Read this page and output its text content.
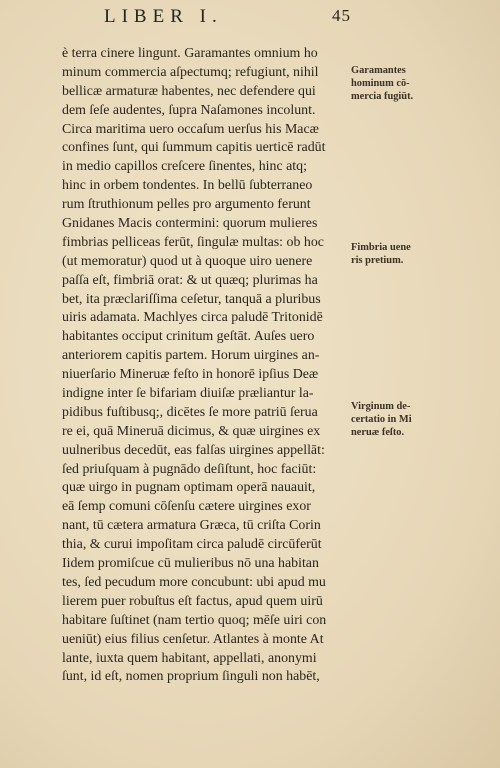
LIBER I.	45
è terra cinere lingunt. Garamantes omnium ho
minum commercia aſpectumq; refugiunt, nihil
bellicæ armaturæ habentes, nec defendere qui
dem ſeſe audentes, ſupra Naſamones incolunt.
Circa maritima uero occaſum uerſus his Macæ
confines ſunt, qui ſummum capitis uerticē radūt
in medio capillos creſcere ſinentes, hinc atq;
hinc in orbem tondentes. In bellū ſubterraneo
rum ſtruthionum pelles pro argumento ferunt
Gnidanes Macis contermini: quorum mulieres
fimbrias pelliceas ferūt, ſingulæ multas: ob hoc
(ut memoratur) quod ut à quoque uiro uenere
paſſa eſt, fimbriā orat: & ut quæq; plurimas ha
bet, ita præclariſſima ceſetur, tanquā a pluribus
uiris adamata. Machlyes circa paludē Tritonidē
habitantes occiput crinitum geſtāt. Auſes uero
anteriorem capitis partem. Horum uirgines an-
niuerſario Mineruæ feſto in honorē ipſius Deæ
indigne inter ſe bifariam diuiſæ præliantur la-
pidibus fuſtibusq;, dicētes ſe more patriū ſerua
re ei, quā Mineruā dicimus, & quæ uirgines ex
uulneribus decedūt, eas falſas uirgines appellāt:
ſed priuſquam à pugnādo deſiſtunt, hoc faciūt:
quæ uirgo in pugnam optimam operā nauauit,
eā ſemp comuni cōſenſu cætere uirgines exor
nant, tū cætera armatura Græca, tū criſta Corin
thia, & curui impoſitam circa paludē circūferūt
Iidem promiſcue cū mulieribus nō una habitan
tes, ſed pecudum more concubunt: ubi apud mu
lierem puer robuſtus eſt factus, apud quem uirū
habitare ſuſtinet (nam tertio quoq; mēſe uiri con
ueniūt) eius filius cenſetur. Atlantes à monte At
lante, iuxta quem habitant, appellati, anonymi
ſunt, id eſt, nomen proprium ſinguli non habēt,
Garamantes
hominum cō-
mercia fugiūt.
Fimbria uene
ris pretium.
Virginum de-
certatio in Mi
neruæ feſto.
